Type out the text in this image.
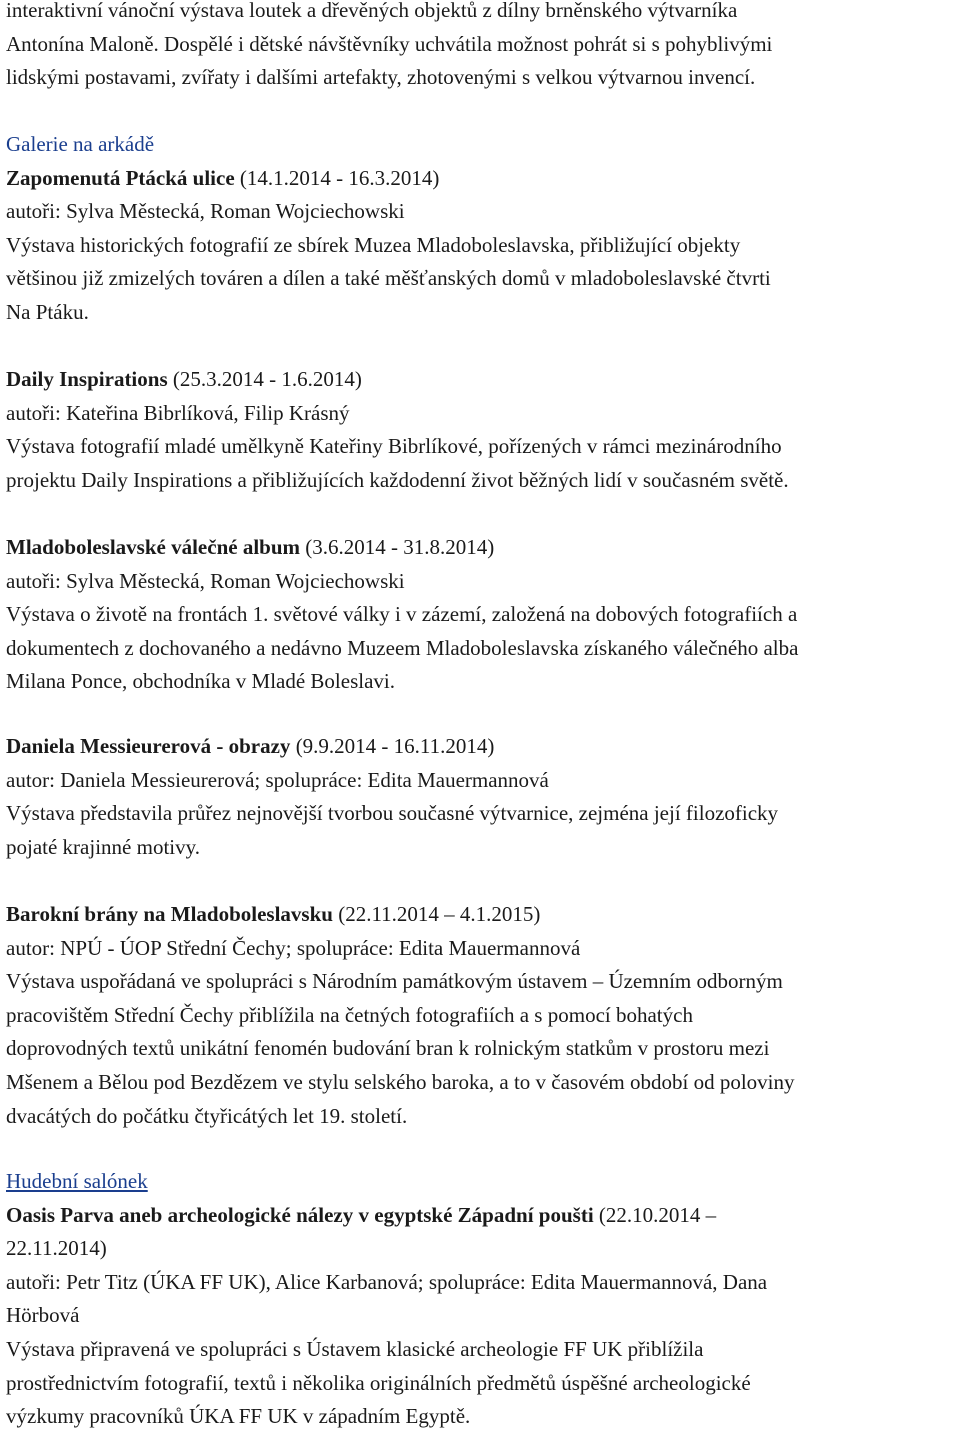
interaktivní vánoční výstava loutek a dřevěných objektů z dílny brněnského výtvarníka
Antonína Maloně. Dospělé i dětské návštěvníky uchvátila možnost pohrát si s pohyblivými
lidskými postavami, zvířaty i dalšími artefakty, zhotovenými s velkou výtvarnou invencí.
Galerie na arkádě
Zapomenutá Ptácká ulice (14.1.2014 - 16.3.2014)
autoři: Sylva Městecká, Roman Wojciechowski
Výstava historických fotografií ze sbírek Muzea Mladoboleslavska, přibližující objekty
většinou již zmizelých továren a dílen a také měšťanských domů v mladoboleslavské čtvrti
Na Ptáku.
Daily Inspirations (25.3.2014 - 1.6.2014)
autoři: Kateřina Bibrlíková, Filip Krásný
Výstava fotografií mladé umělkyně Kateřiny Bibrlíkové, pořízených v rámci mezinárodního
projektu Daily Inspirations a přibližujících každodenní život běžných lidí v současném světě.
Mladoboleslavské válečné album (3.6.2014 - 31.8.2014)
autoři: Sylva Městecká, Roman Wojciechowski
Výstava o životě na frontách 1. světové války i v zázemí, založená na dobových fotografiích a
dokumentech z dochovaného a nedávno Muzeem Mladoboleslavska získaného válečného alba
Milana Ponce, obchodníka v Mladé Boleslavi.
Daniela Messieurerová - obrazy (9.9.2014 - 16.11.2014)
autor: Daniela Messieurerová; spolupráce: Edita Mauermannová
Výstava představila průřez nejnovější tvorbou současné výtvarnice, zejména její filozoficky
pojaté krajinné motivy.
Barokní brány na Mladoboleslavsku (22.11.2014 – 4.1.2015)
autor: NPÚ - ÚOP Střední Čechy; spolupráce: Edita Mauermannová
Výstava uspořádaná ve spolupráci s Národním památkovým ústavem – Územním odborným
pracovištěm Střední Čechy přiblížila na četných fotografiích a s pomocí bohatých
doprovodných textů unikátní fenomén budování bran k rolnickým statkům v prostoru mezi
Mšenem a Bělou pod Bezdězem ve stylu selského baroka, a to v časovém období od poloviny
dvacátých do počátku čtyřicátých let 19. století.
Hudební salónek
Oasis Parva aneb archeologické nálezy v egyptské Západní poušti (22.10.2014 –
22.11.2014)
autoři: Petr Titz (ÚKA FF UK), Alice Karbanová; spolupráce: Edita Mauermannová, Dana
Hörbová
Výstava připravená ve spolupráci s Ústavem klasické archeologie FF UK přiblížila
prostřednictvím fotografií, textů i několika originálních předmětů úspěšné archeologické
výzkumy pracovníků ÚKA FF UK v západním Egyptě.
